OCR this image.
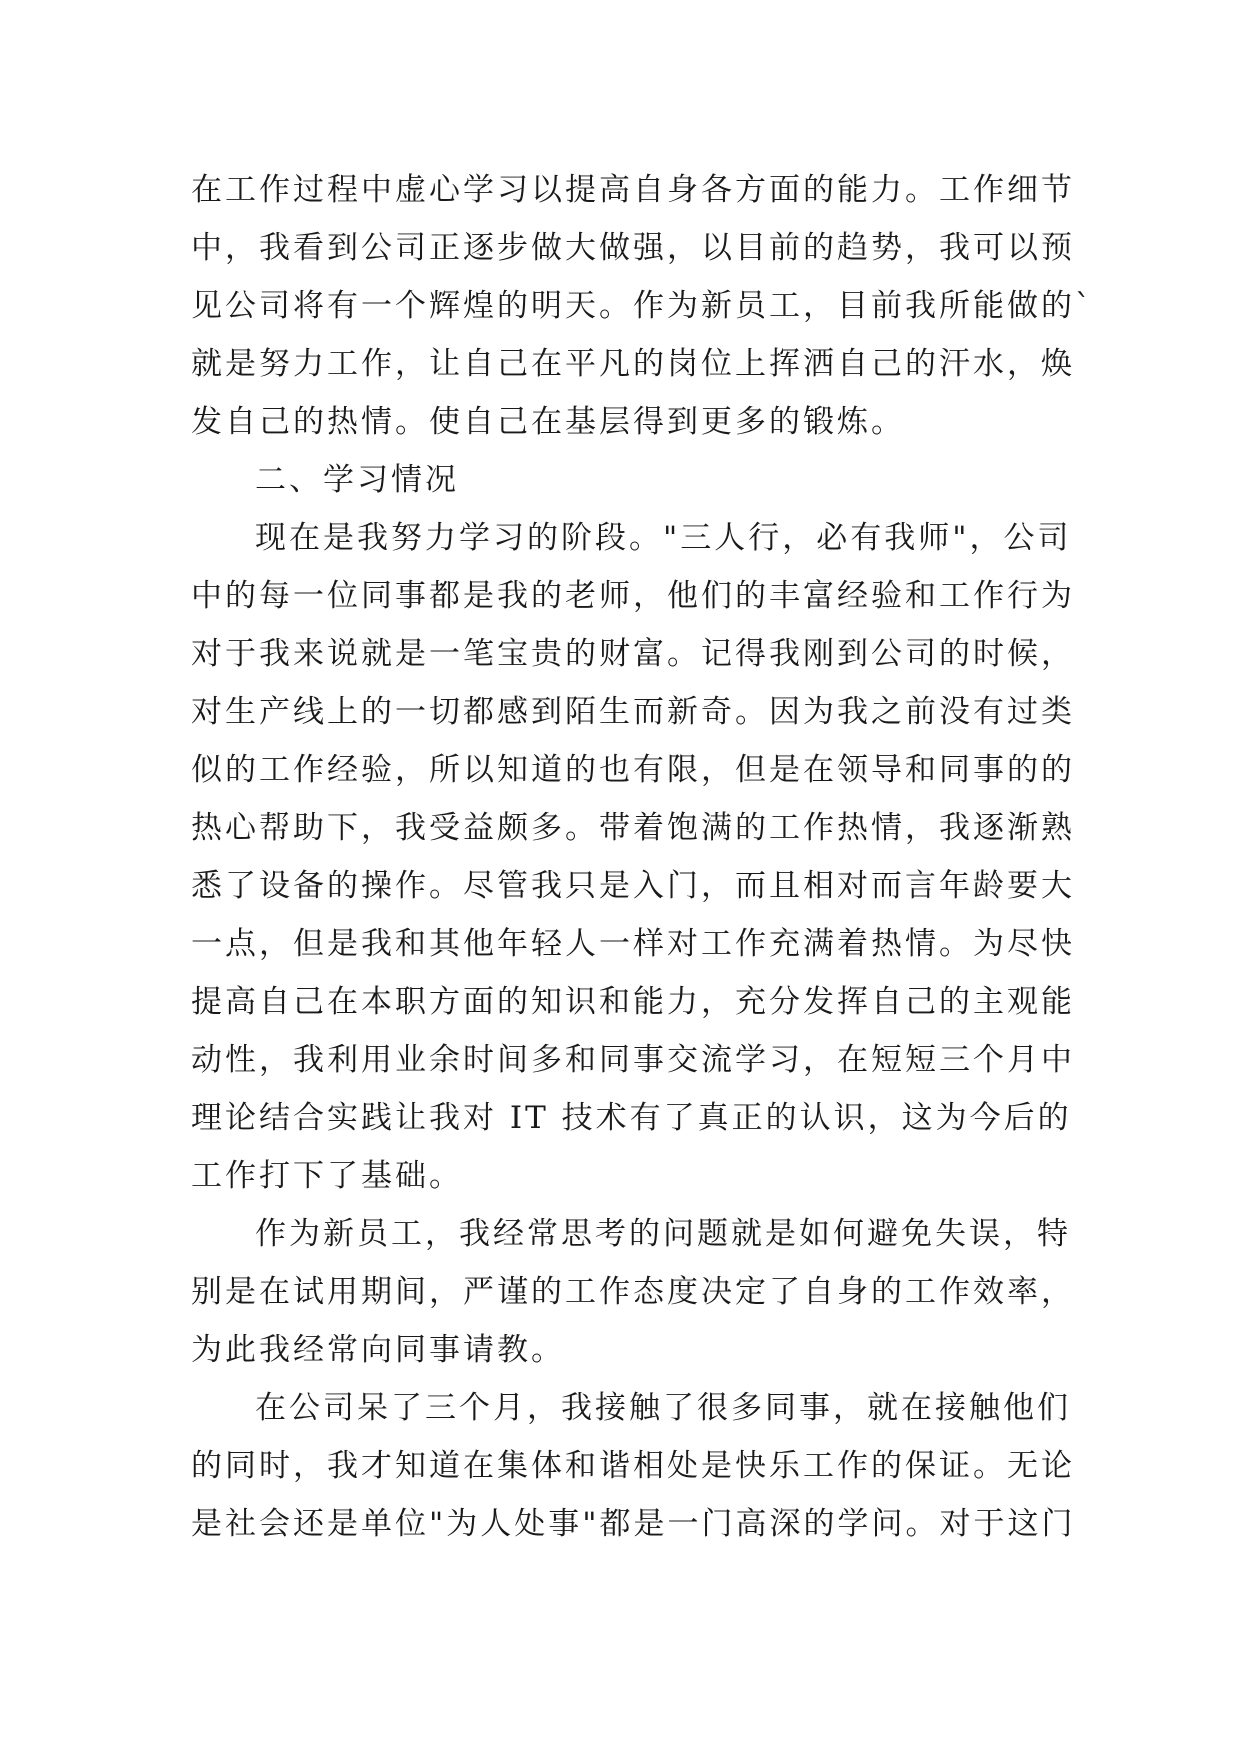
在工作过程中虚心学习以提高自身各方面的能力。工作细节
中，我看到公司正逐步做大做强，以目前的趋势，我可以预
见公司将有一个辉煌的明天。作为新员工，目前我所能做的`
就是努力工作，让自己在平凡的岗位上挥洒自己的汗水，焕
发自己的热情。使自己在基层得到更多的锻炼。
二、学习情况
现在是我努力学习的阶段。"三人行，必有我师"，公司
中的每一位同事都是我的老师，他们的丰富经验和工作行为
对于我来说就是一笔宝贵的财富。记得我刚到公司的时候，
对生产线上的一切都感到陌生而新奇。因为我之前没有过类
似的工作经验，所以知道的也有限，但是在领导和同事的的
热心帮助下，我受益颇多。带着饱满的工作热情，我逐渐熟
悉了设备的操作。尽管我只是入门，而且相对而言年龄要大
一点，但是我和其他年轻人一样对工作充满着热情。为尽快
提高自己在本职方面的知识和能力，充分发挥自己的主观能
动性，我利用业余时间多和同事交流学习，在短短三个月中
理论结合实践让我对 IT 技术有了真正的认识，这为今后的
工作打下了基础。
作为新员工，我经常思考的问题就是如何避免失误，特
别是在试用期间，严谨的工作态度决定了自身的工作效率，
为此我经常向同事请教。
在公司呆了三个月，我接触了很多同事，就在接触他们
的同时，我才知道在集体和谐相处是快乐工作的保证。无论
是社会还是单位"为人处事"都是一门高深的学问。对于这门
